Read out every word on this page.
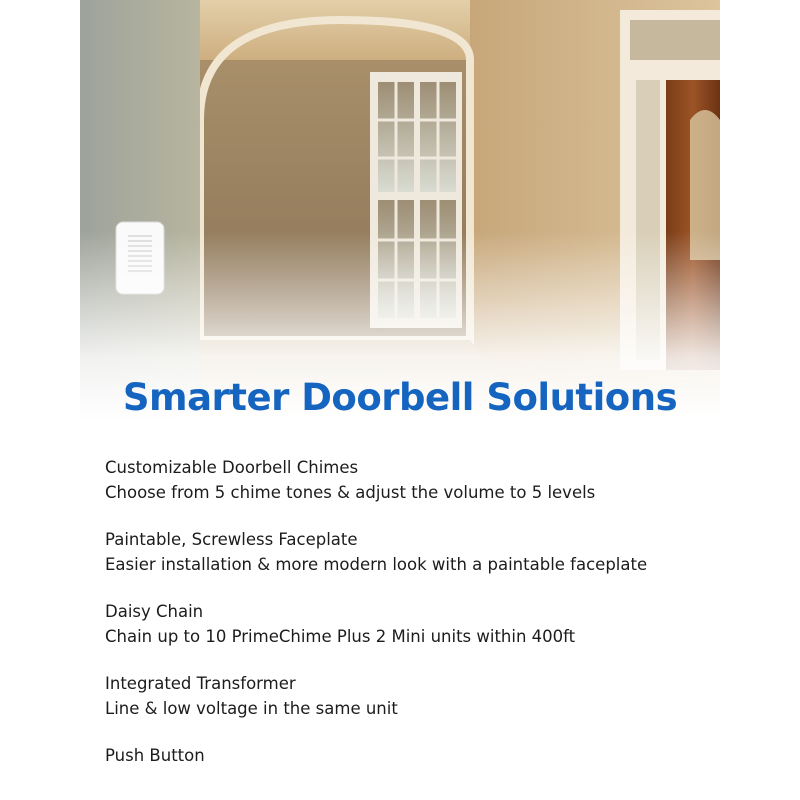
Smarter Doorbell Solutions
Customizable Doorbell Chimes
Choose from 5 chime tones & adjust the volume to 5 levels
Paintable, Screwless Faceplate
Easier installation & more modern look with a paintable faceplate
Daisy Chain
Chain up to 10 PrimeChime Plus 2 Mini units within 400ft
Integrated Transformer
Line & low voltage in the same unit
Push Button
